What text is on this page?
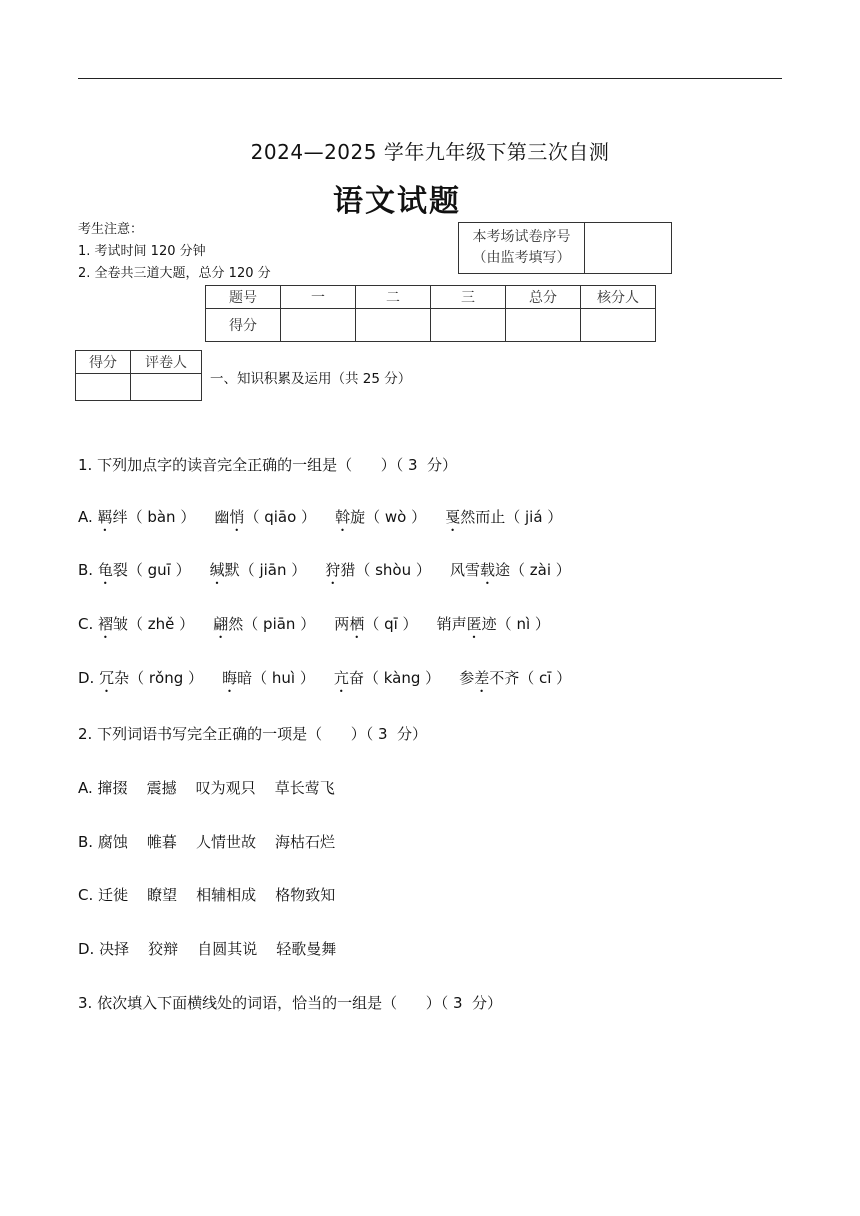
2024—2025 学年九年级下第三次自测
语文试题
考生注意：
1. 考试时间 120 分钟
2. 全卷共三道大题，总分 120 分
本考场试卷序号
（由监考填写）

题号	一	二	三	总分	核分人
得分					
得分	评卷人

一、知识积累及运用（共 25 分）
1. 下列加点字的读音完全正确的一组是（      ）（ 3  分）
A. 羁绊（ bàn ） 幽悄（ qiāo ） 斡旋（ wò ） 戛然而止（ jiá ）
B. 龟裂（ guī ） 缄默（ jiān ） 狩猎（ shòu ） 风雪载途（ zài ）
C. 褶皱（ zhě ） 翩然（ piān ） 两栖（ qī ） 销声匿迹（ nì ）
D. 冗杂（ rǒng ） 晦暗（ huì ） 亢奋（ kàng ） 参差不齐（ cī ）
2. 下列词语书写完全正确的一项是（      ）（ 3  分）
A. 撺掇    震撼    叹为观只    草长莺飞
B. 腐蚀    帷暮    人情世故    海枯石烂
C. 迁徙    瞭望    相辅相成    格物致知
D. 决择    狡辩    自圆其说    轻歌曼舞
3. 依次填入下面横线处的词语，恰当的一组是（      ）（ 3  分）
